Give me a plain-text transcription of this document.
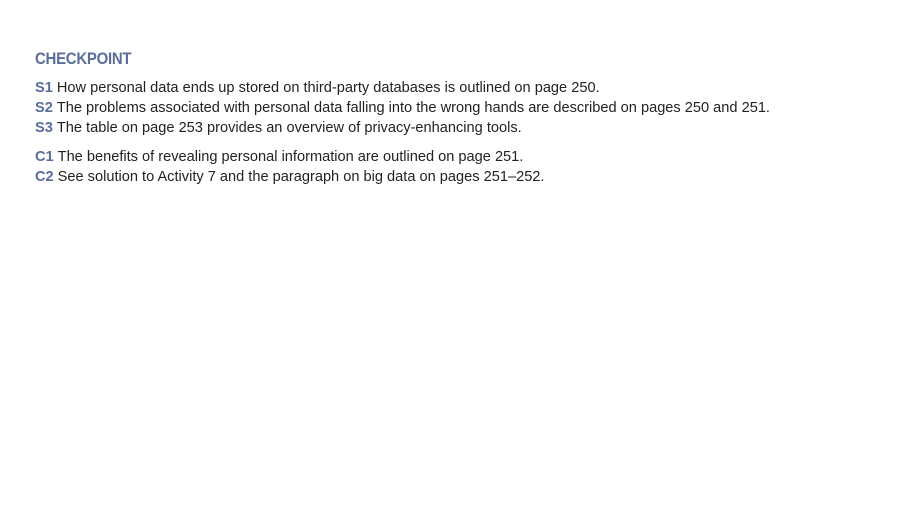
CHECKPOINT
S1 How personal data ends up stored on third-party databases is outlined on page 250.
S2 The problems associated with personal data falling into the wrong hands are described on pages 250 and 251.
S3 The table on page 253 provides an overview of privacy-enhancing tools.
C1 The benefits of revealing personal information are outlined on page 251.
C2 See solution to Activity 7 and the paragraph on big data on pages 251–252.
